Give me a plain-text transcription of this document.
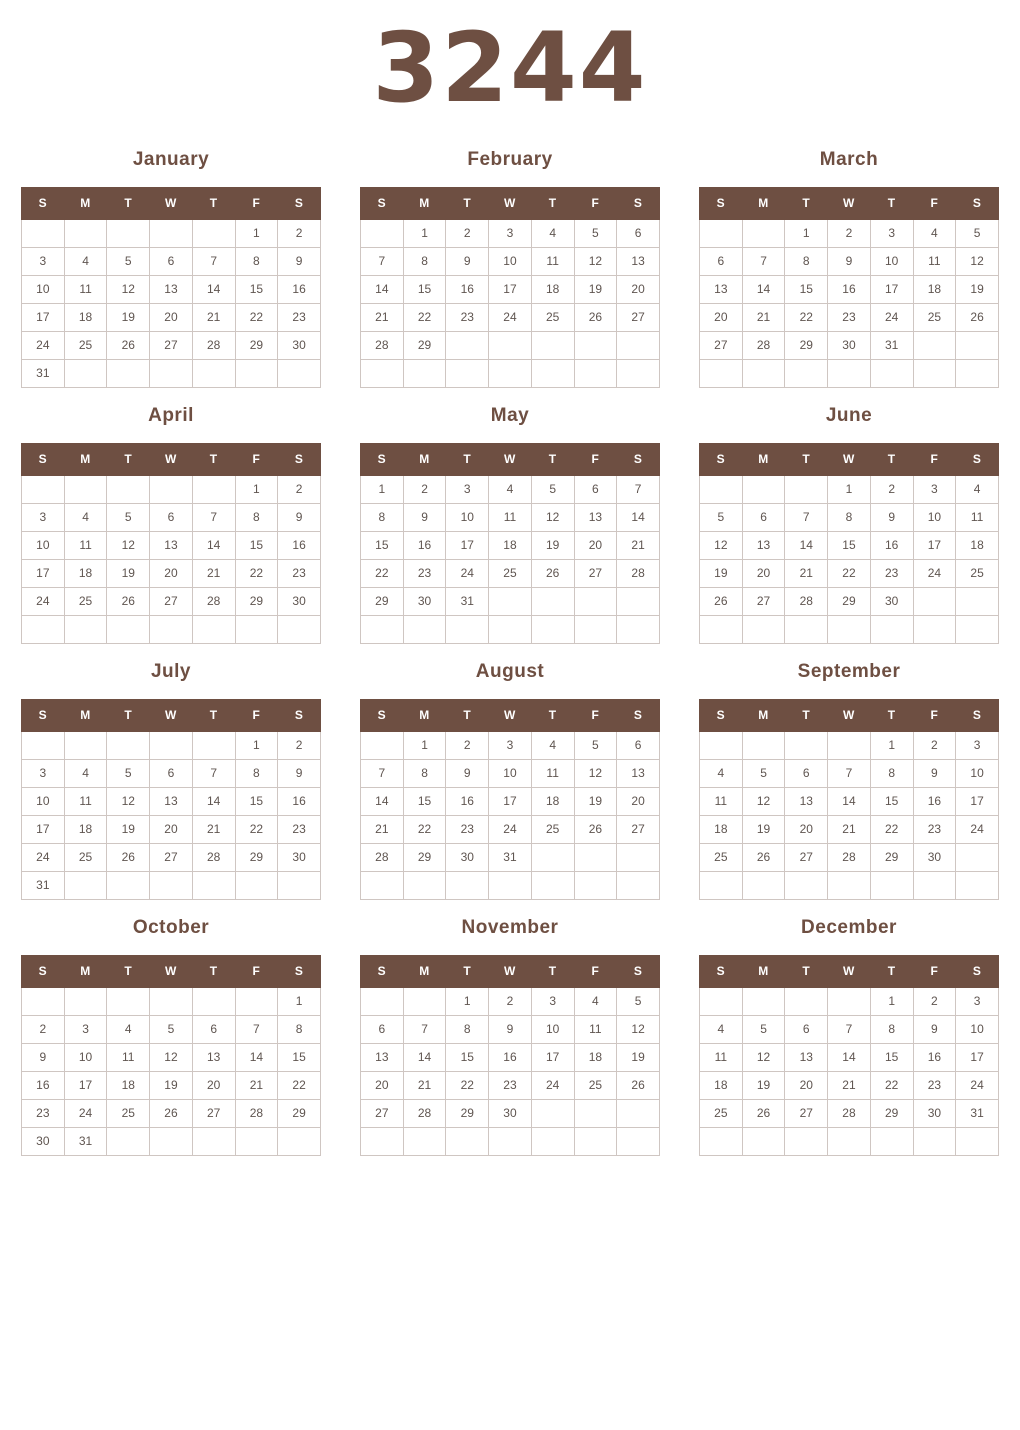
3244
January
S	M	T	W	T	F	S
					1	2
3	4	5	6	7	8	9
10	11	12	13	14	15	16
17	18	19	20	21	22	23
24	25	26	27	28	29	30
31						
February
S	M	T	W	T	F	S
	1	2	3	4	5	6
7	8	9	10	11	12	13
14	15	16	17	18	19	20
21	22	23	24	25	26	27
28	29					

March
S	M	T	W	T	F	S
		1	2	3	4	5
6	7	8	9	10	11	12
13	14	15	16	17	18	19
20	21	22	23	24	25	26
27	28	29	30	31		

April
S	M	T	W	T	F	S
					1	2
3	4	5	6	7	8	9
10	11	12	13	14	15	16
17	18	19	20	21	22	23
24	25	26	27	28	29	30

May
S	M	T	W	T	F	S
1	2	3	4	5	6	7
8	9	10	11	12	13	14
15	16	17	18	19	20	21
22	23	24	25	26	27	28
29	30	31				

June
S	M	T	W	T	F	S
			1	2	3	4
5	6	7	8	9	10	11
12	13	14	15	16	17	18
19	20	21	22	23	24	25
26	27	28	29	30		

July
S	M	T	W	T	F	S
					1	2
3	4	5	6	7	8	9
10	11	12	13	14	15	16
17	18	19	20	21	22	23
24	25	26	27	28	29	30
31						
August
S	M	T	W	T	F	S
	1	2	3	4	5	6
7	8	9	10	11	12	13
14	15	16	17	18	19	20
21	22	23	24	25	26	27
28	29	30	31			

September
S	M	T	W	T	F	S
				1	2	3
4	5	6	7	8	9	10
11	12	13	14	15	16	17
18	19	20	21	22	23	24
25	26	27	28	29	30	

October
S	M	T	W	T	F	S
						1
2	3	4	5	6	7	8
9	10	11	12	13	14	15
16	17	18	19	20	21	22
23	24	25	26	27	28	29
30	31					
November
S	M	T	W	T	F	S
		1	2	3	4	5
6	7	8	9	10	11	12
13	14	15	16	17	18	19
20	21	22	23	24	25	26
27	28	29	30			

December
S	M	T	W	T	F	S
				1	2	3
4	5	6	7	8	9	10
11	12	13	14	15	16	17
18	19	20	21	22	23	24
25	26	27	28	29	30	31
